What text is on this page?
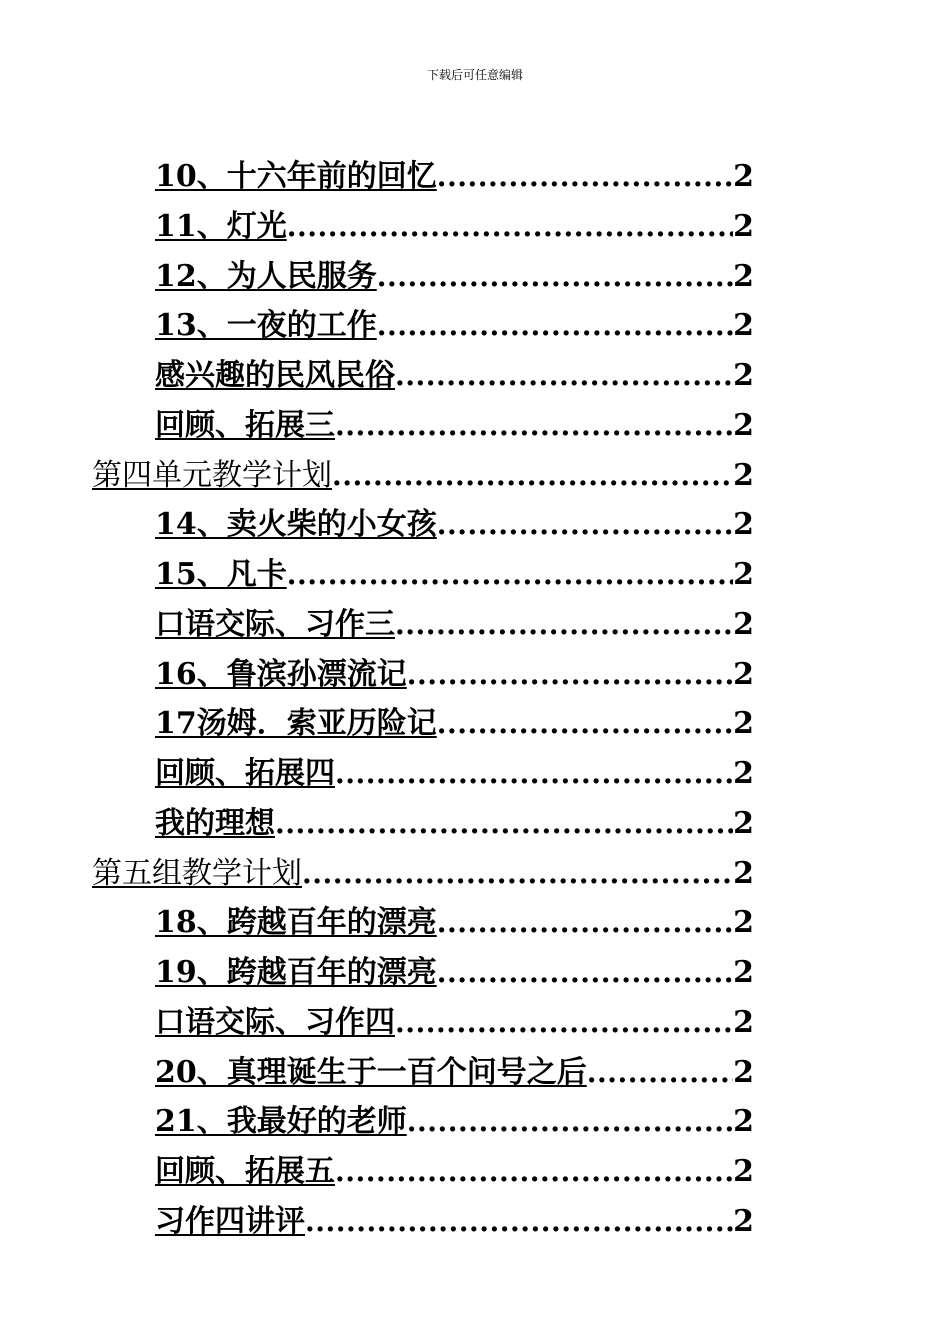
下载后可任意编辑
10、十六年前的回忆 .....	2
11、灯光 .....	2
12、为人民服务 .....	2
13、一夜的工作 .....	2
感兴趣的民风民俗 .....	2
回顾、拓展三 .....	2
第四单元教学计划 .....	2
14、卖火柴的小女孩 .....	2
15、凡卡 .....	2
口语交际、习作三 .....	2
16、鲁滨孙漂流记 .....	2
17汤姆．索亚历险记 .....	2
回顾、拓展四 .....	2
我的理想 .....	2
第五组教学计划 .....	2
18、跨越百年的漂亮 .....	2
19、跨越百年的漂亮 .....	2
口语交际、习作四 .....	2
20、真理诞生于一百个问号之后 .....	2
21、我最好的老师 .....	2
回顾、拓展五 .....	2
习作四讲评 .....	2
